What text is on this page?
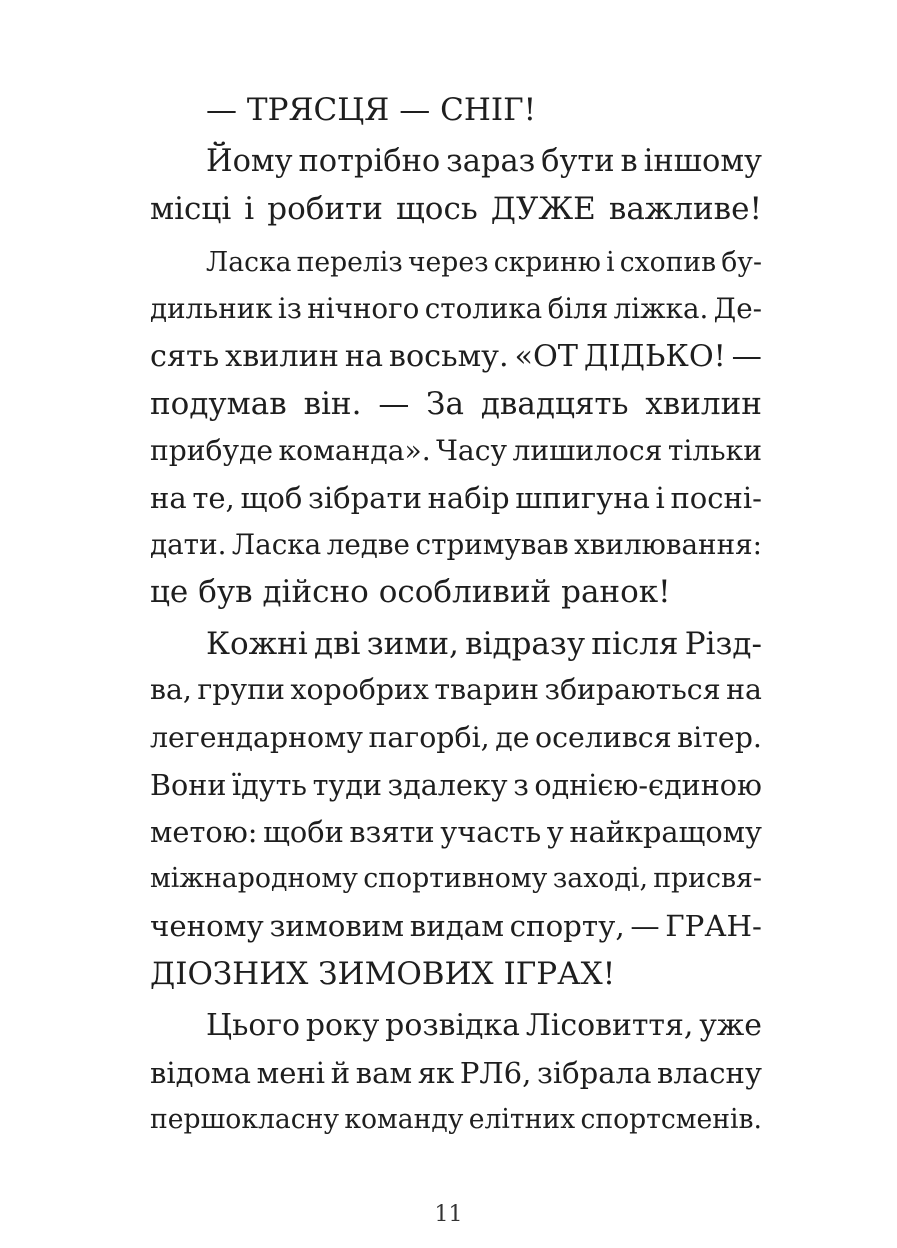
— ТРЯСЦЯ — СНІГ!

Йому потрібно зараз бути в іншому

місці і робити щось ДУЖЕ важливе!

Ласка переліз через скриню і схопив бу-

дильник із нічного столика біля ліжка. Де-

сять хвилин на восьму. «ОТ ДІДЬКО! —

подумав він. — За двадцять хвилин

прибуде команда». Часу лишилося тільки

на те, щоб зібрати набір шпигуна і посні-

дати. Ласка ледве стримував хвилювання:

це був дійсно особливий ранок!

Кожні дві зими, відразу після Різд-

ва, групи хоробрих тварин збираються на

легендарному пагорбі, де оселився вітер.

Вони їдуть туди здалеку з однією-єдиною

метою: щоби взяти участь у найкращому

міжнародному спортивному заході, присвя-

ченому зимовим видам спорту, — ГРАН-

ДІОЗНИХ ЗИМОВИХ ІГРАХ!

Цього року розвідка Лісовиття, уже

відома мені й вам як РЛ6, зібрала власну

першокласну команду елітних спортсменів.

11
